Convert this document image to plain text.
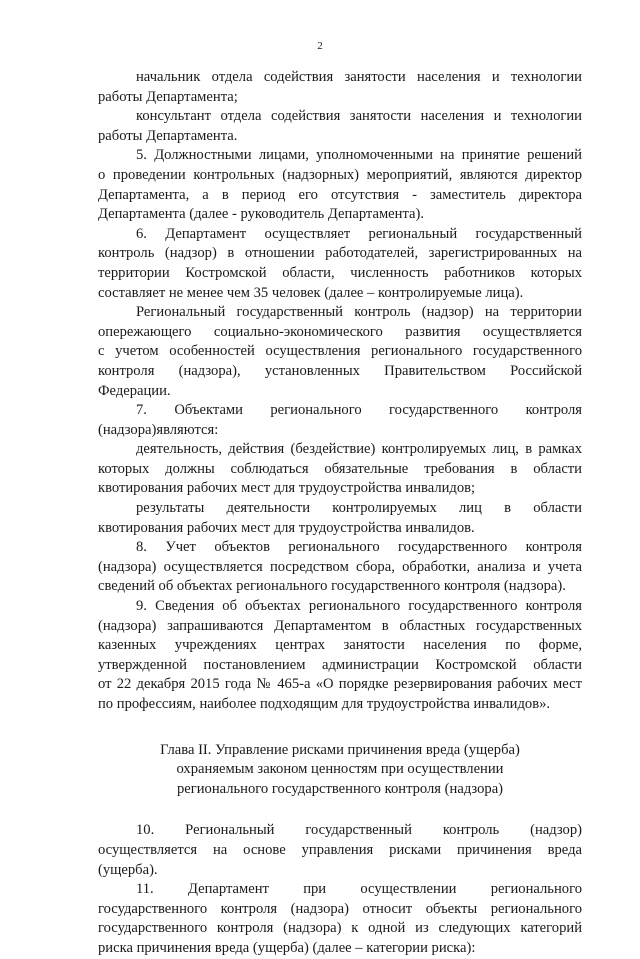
2
начальник отдела содействия занятости населения и технологии
работы Департамента;
консультант отдела содействия занятости населения и технологии
работы Департамента.
5. Должностными лицами, уполномоченными на принятие решений
о проведении контрольных (надзорных) мероприятий, являются директор
Департамента, а в период его отсутствия - заместитель директора
Департамента (далее - руководитель Департамента).
6. Департамент осуществляет региональный государственный
контроль (надзор) в отношении работодателей, зарегистрированных на
территории Костромской области, численность работников которых
составляет не менее чем 35 человек (далее – контролируемые лица).
Региональный государственный контроль (надзор) на территории
опережающего социально-экономического развития осуществляется
с учетом особенностей осуществления регионального государственного
контроля (надзора), установленных Правительством Российской
Федерации.
7. Объектами регионального государственного контроля
(надзора)являются:
деятельность, действия (бездействие) контролируемых лиц, в рамках
которых должны соблюдаться обязательные требования в области
квотирования рабочих мест для трудоустройства инвалидов;
результаты деятельности контролируемых лиц в области
квотирования рабочих мест для трудоустройства инвалидов.
8. Учет объектов регионального государственного контроля
(надзора) осуществляется посредством сбора, обработки, анализа и учета
сведений об объектах регионального государственного контроля (надзора).
9. Сведения об объектах регионального государственного контроля
(надзора) запрашиваются Департаментом в областных государственных
казенных учреждениях центрах занятости населения по форме,
утвержденной постановлением администрации Костромской области
от 22 декабря 2015 года № 465-а «О порядке резервирования рабочих мест
по профессиям, наиболее подходящим для трудоустройства инвалидов».
Глава II. Управление рисками причинения вреда (ущерба)
охраняемым законом ценностям при осуществлении
регионального государственного контроля (надзора)
10. Региональный государственный контроль (надзор)
осуществляется на основе управления рисками причинения вреда
(ущерба).
11. Департамент при осуществлении регионального
государственного контроля (надзора) относит объекты регионального
государственного контроля (надзора) к одной из следующих категорий
риска причинения вреда (ущерба) (далее – категории риска):
